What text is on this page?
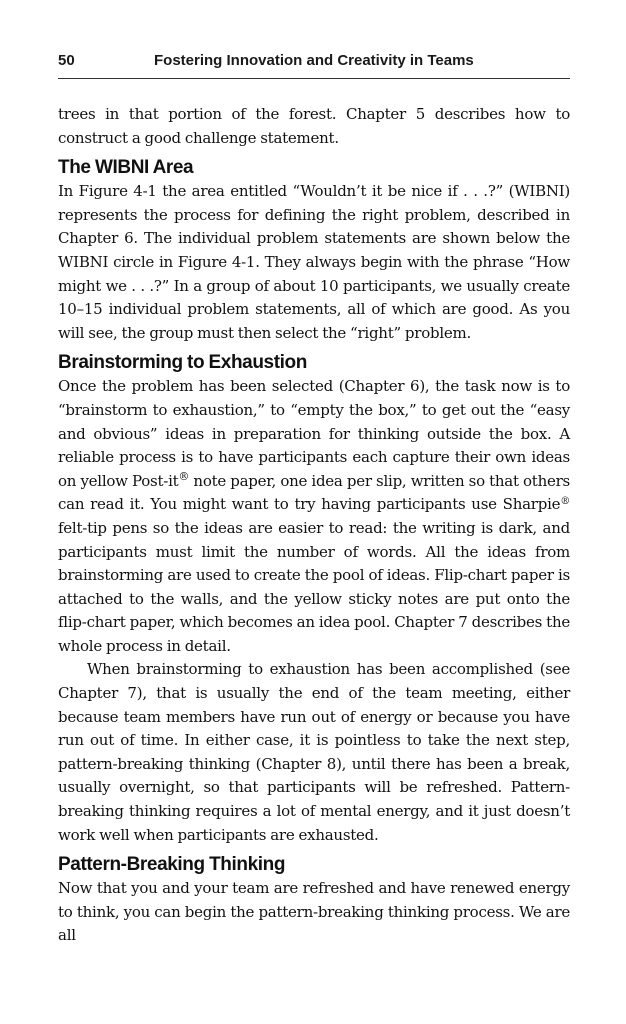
50	Fostering Innovation and Creativity in Teams

trees in that portion of the forest. Chapter 5 describes how to construct a good challenge statement.

The WIBNI Area

In Figure 4-1 the area entitled “Wouldn’t it be nice if . . .?” (WIBNI) represents the process for defining the right problem, described in Chapter 6. The individual problem statements are shown below the WIBNI circle in Figure 4-1. They always begin with the phrase “How might we . . .?” In a group of about 10 participants, we usually create 10–15 individual problem statements, all of which are good. As you will see, the group must then select the “right” problem.

Brainstorming to Exhaustion

Once the problem has been selected (Chapter 6), the task now is to “brainstorm to exhaustion,” to “empty the box,” to get out the “easy and obvious” ideas in preparation for thinking outside the box. A reliable process is to have participants each capture their own ideas on yellow Post-it® note paper, one idea per slip, written so that others can read it. You might want to try having participants use Sharpie® felt-tip pens so the ideas are easier to read: the writing is dark, and participants must limit the number of words. All the ideas from brainstorming are used to create the pool of ideas. Flip-chart paper is attached to the walls, and the yellow sticky notes are put onto the flip-chart paper, which becomes an idea pool. Chapter 7 describes the whole process in detail.

When brainstorming to exhaustion has been accomplished (see Chapter 7), that is usually the end of the team meeting, either because team members have run out of energy or because you have run out of time. In either case, it is pointless to take the next step, pattern-breaking thinking (Chapter 8), until there has been a break, usually overnight, so that participants will be refreshed. Pattern-breaking thinking requires a lot of mental energy, and it just doesn’t work well when participants are exhausted.

Pattern-Breaking Thinking

Now that you and your team are refreshed and have renewed energy to think, you can begin the pattern-breaking thinking process. We are all
